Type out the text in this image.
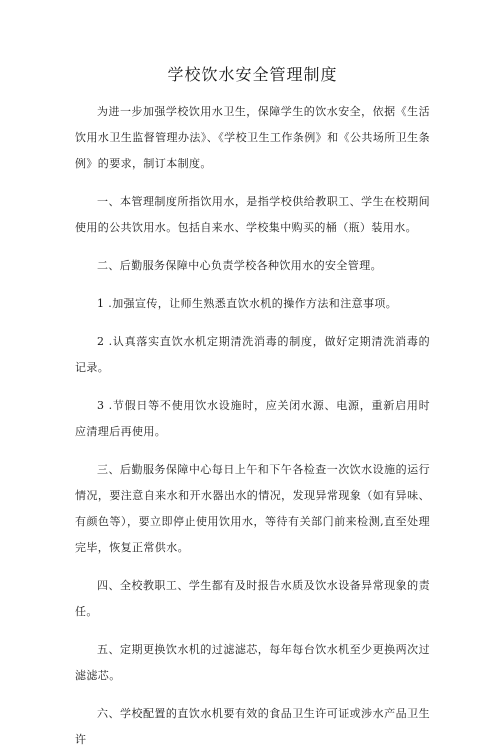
学校饮水安全管理制度

为进一步加强学校饮用水卫生，保障学生的饮水安全，依据《生活饮用水卫生监督管理办法》、《学校卫生工作条例》和《公共场所卫生条例》的要求，制订本制度。

一、本管理制度所指饮用水，是指学校供给教职工、学生在校期间使用的公共饮用水。包括自来水、学校集中购买的桶（瓶）装用水。

二、后勤服务保障中心负责学校各种饮用水的安全管理。

1 .加强宣传，让师生熟悉直饮水机的操作方法和注意事项。

2 .认真落实直饮水机定期清洗消毒的制度，做好定期清洗消毒的记录。

3 .节假日等不使用饮水设施时，应关闭水源、电源，重新启用时应清理后再使用。

三、后勤服务保障中心每日上午和下午各检查一次饮水设施的运行情况，要注意自来水和开水器出水的情况，发现异常现象（如有异味、有颜色等），要立即停止使用饮用水，等待有关部门前来检测,直至处理完毕，恢复正常供水。

四、全校教职工、学生都有及时报告水质及饮水设备异常现象的责任。

五、定期更换饮水机的过滤滤芯，每年每台饮水机至少更换两次过滤滤芯。

六、学校配置的直饮水机要有效的食品卫生许可证或涉水产品卫生许
